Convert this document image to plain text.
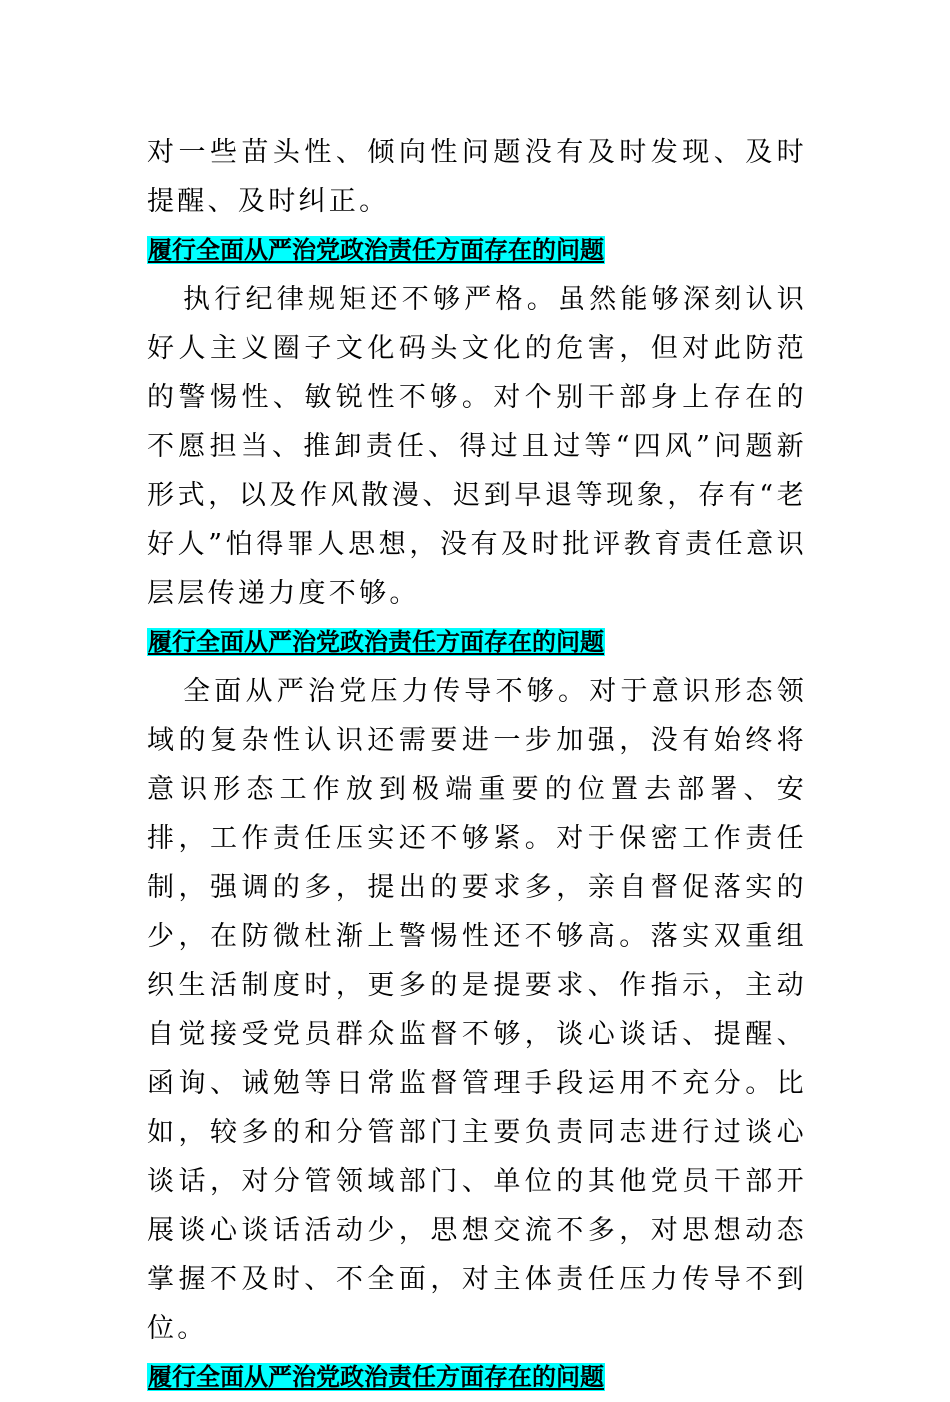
对一些苗头性、倾向性问题没有及时发现、及时提醒、及时纠正。

履行全面从严治党政治责任方面存在的问题

执行纪律规矩还不够严格。虽然能够深刻认识好人主义圈子文化码头文化的危害，但对此防范的警惕性、敏锐性不够。对个别干部身上存在的不愿担当、推卸责任、得过且过等“四风”问题新形式，以及作风散漫、迟到早退等现象，存有“老好人”怕得罪人思想，没有及时批评教育责任意识层层传递力度不够。

履行全面从严治党政治责任方面存在的问题

全面从严治党压力传导不够。对于意识形态领域的复杂性认识还需要进一步加强，没有始终将意识形态工作放到极端重要的位置去部署、安排，工作责任压实还不够紧。对于保密工作责任制，强调的多，提出的要求多，亲自督促落实的少，在防微杜渐上警惕性还不够高。落实双重组织生活制度时，更多的是提要求、作指示，主动自觉接受党员群众监督不够，谈心谈话、提醒、函询、诫勉等日常监督管理手段运用不充分。比如，较多的和分管部门主要负责同志进行过谈心谈话，对分管领域部门、单位的其他党员干部开展谈心谈话活动少，思想交流不多，对思想动态掌握不及时、不全面，对主体责任压力传导不到位。

履行全面从严治党政治责任方面存在的问题
